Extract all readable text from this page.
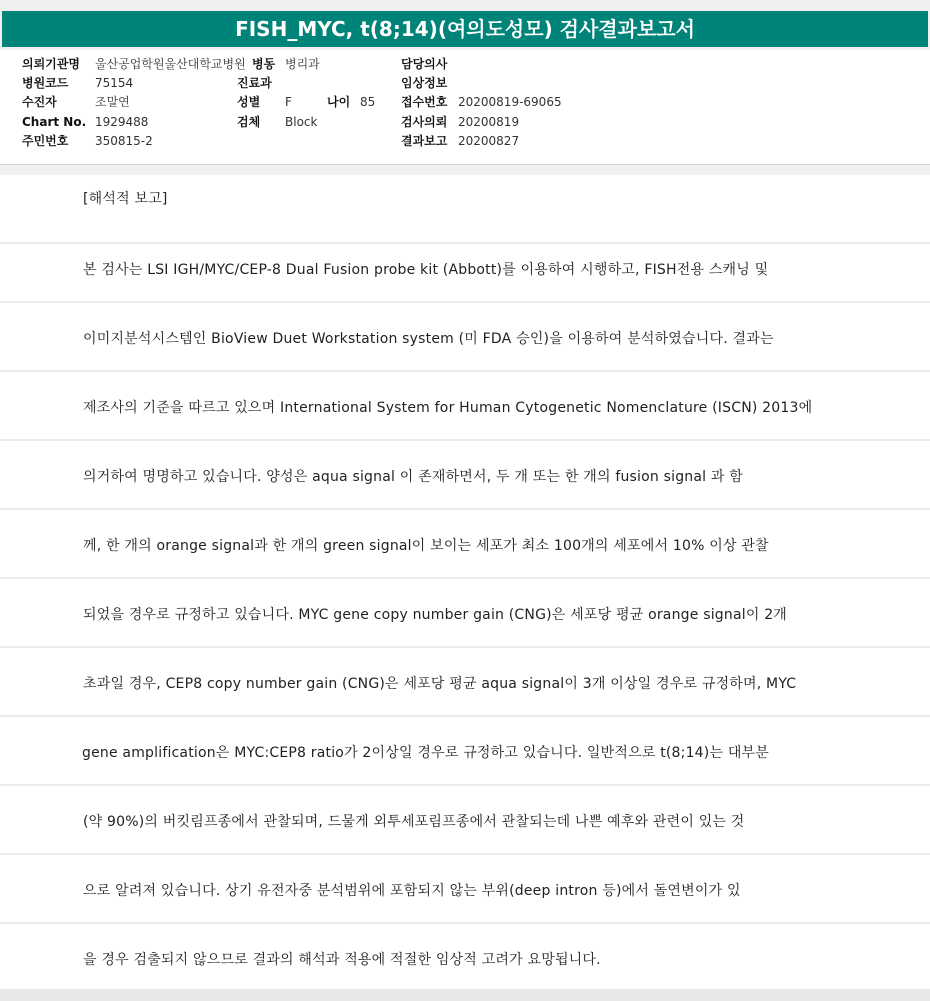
FISH_MYC, t(8;14)(여의도성모) 검사결과보고서
의뢰기관명 울산공업학원울산대학교병원
병원코드 75154
수진자	조말연
Chart No. 1929488
주민번호 350815-2
병동 병리과
진료과
성별 F	나이 85
검체 Block
담당의사
임상정보
접수번호 20200819-69065
검사의뢰 20200819
결과보고 20200827
[해석적 보고]
본 검사는 LSI IGH/MYC/CEP-8 Dual Fusion probe kit (Abbott)를 이용하여 시행하고, FISH전용 스캐닝 및
이미지분석시스템인 BioView Duet Workstation system (미 FDA 승인)을 이용하여 분석하였습니다. 결과는
제조사의 기준을 따르고 있으며 International System for Human Cytogenetic Nomenclature (ISCN) 2013에
의거하여 명명하고 있습니다. 양성은 aqua signal 이 존재하면서, 두 개 또는 한 개의 fusion signal 과 함
께, 한 개의 orange signal과 한 개의 green signal이 보이는 세포가 최소 100개의 세포에서 10% 이상 관찰
되었을 경우로 규정하고 있습니다. MYC gene copy number gain (CNG)은 세포당 평균 orange signal이 2개
초과일 경우, CEP8 copy number gain (CNG)은 세포당 평균 aqua signal이 3개 이상일 경우로 규정하며, MYC
gene amplification은 MYC:CEP8 ratio가 2이상일 경우로 규정하고 있습니다. 일반적으로 t(8;14)는 대부분
(약 90%)의 버킷림프종에서 관찰되며, 드물게 외투세포림프종에서 관찰되는데 나쁜 예후와 관련이 있는 것
으로 알려져 있습니다. 상기 유전자중 분석범위에 포함되지 않는 부위(deep intron 등)에서 돌연변이가 있
을 경우 검출되지 않으므로 결과의 해석과 적용에 적절한 임상적 고려가 요망됩니다.
